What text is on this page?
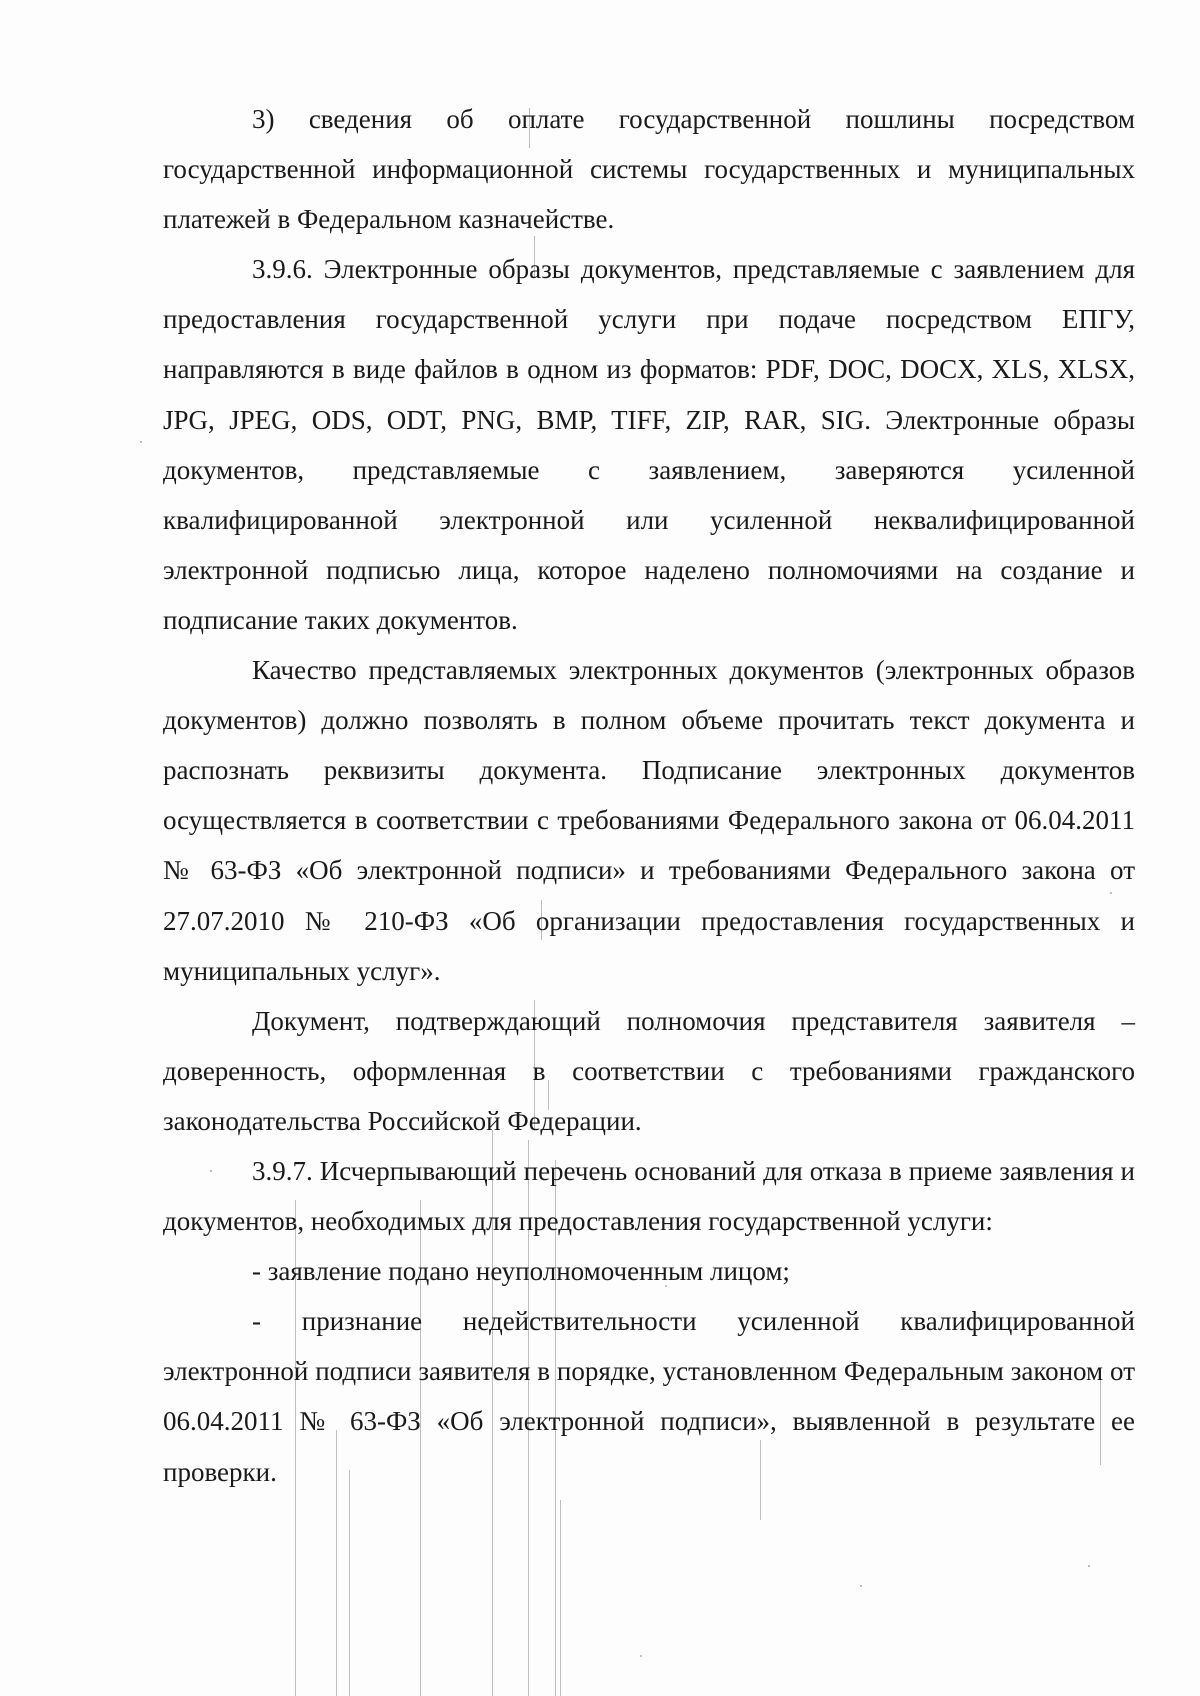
3) сведения об оплате государственной пошлины посредством государственной информационной системы государственных и муниципальных платежей в Федеральном казначействе.

3.9.6. Электронные образы документов, представляемые с заявлением для предоставления государственной услуги при подаче посредством ЕПГУ, направляются в виде файлов в одном из форматов: PDF, DOC, DOCX, XLS, XLSX, JPG, JPEG, ODS, ODT, PNG, BMP, TIFF, ZIP, RAR, SIG. Электронные образы документов, представляемые с заявлением, заверяются усиленной квалифицированной электронной или усиленной неквалифицированной электронной подписью лица, которое наделено полномочиями на создание и подписание таких документов.

Качество представляемых электронных документов (электронных образов документов) должно позволять в полном объеме прочитать текст документа и распознать реквизиты документа. Подписание электронных документов осуществляется в соответствии с требованиями Федерального закона от 06.04.2011 № 63-ФЗ «Об электронной подписи» и требованиями Федерального закона от 27.07.2010 № 210-ФЗ «Об организации предоставления государственных и муниципальных услуг».

Документ, подтверждающий полномочия представителя заявителя – доверенность, оформленная в соответствии с требованиями гражданского законодательства Российской Федерации.

3.9.7. Исчерпывающий перечень оснований для отказа в приеме заявления и документов, необходимых для предоставления государственной услуги:

- заявление подано неуполномоченным лицом;

- признание недействительности усиленной квалифицированной электронной подписи заявителя в порядке, установленном Федеральным законом от 06.04.2011 № 63-ФЗ «Об электронной подписи», выявленной в результате ее проверки.
